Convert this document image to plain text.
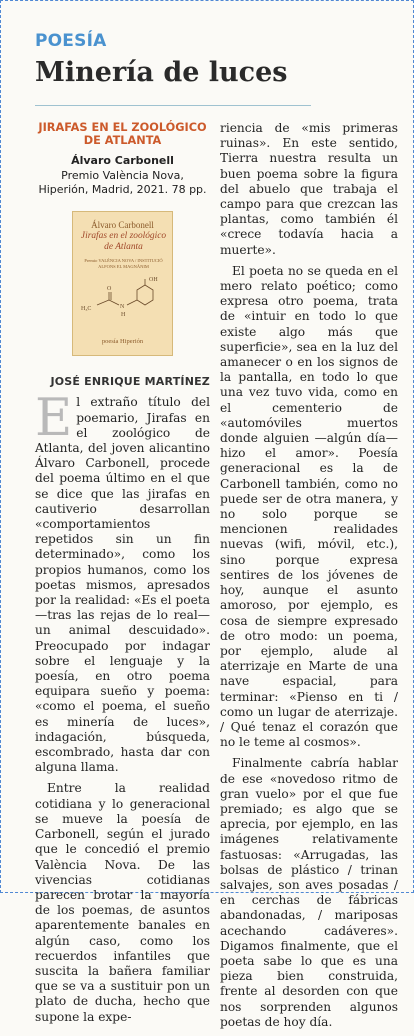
POESÍA
Minería de luces
JIRAFAS EN EL ZOOLÓGICO DE ATLANTA
Álvaro Carbonell
Premio València Nova, Hiperión, Madrid, 2021. 78 pp.
Álvaro Carbonell
Jirafas en el zoológico de Atlanta
Premio VALÈNCIA NOVA / INSTITUCIÓ ALFONS EL MAGNÀNIM
OH
O
H₃C	N
H
poesía Hiperión
JOSÉ ENRIQUE MARTÍNEZ

El extraño título del poemario, Jirafas en el zoológico de Atlanta, del joven alicantino Álvaro Carbonell, procede del poema último en el que se dice que las jirafas en cautiverio desarrollan «comportamientos repetidos sin un fin determinado», como los propios humanos, como los poetas mismos, apresados por la realidad: «Es el poeta —tras las rejas de lo real— un animal descuidado». Preocupado por indagar sobre el lenguaje y la poesía, en otro poema equipara sueño y poema: «como el poema, el sueño es minería de luces», indagación, búsqueda, escombrado, hasta dar con alguna llama.

Entre la realidad cotidiana y lo generacional se mueve la poesía de Carbonell, según el jurado que le concedió el premio València Nova. De las vivencias cotidianas parecen brotar la mayoría de los poemas, de asuntos aparentemente banales en algún caso, como los recuerdos infantiles que suscita la bañera familiar que se va a sustituir pon un plato de ducha, hecho que supone la expe-

riencia de «mis primeras ruinas». En este sentido, Tierra nuestra resulta un buen poema sobre la figura del abuelo que trabaja el campo para que crezcan las plantas, como también él «crece todavía hacia a muerte».

El poeta no se queda en el mero relato poético; como expresa otro poema, trata de «intuir en todo lo que existe algo más que superficie», sea en la luz del amanecer o en los signos de la pantalla, en todo lo que una vez tuvo vida, como en el cementerio de «automóviles muertos donde alguien —algún día— hizo el amor». Poesía generacional es la de Carbonell también, como no puede ser de otra manera, y no solo porque se mencionen realidades nuevas (wifi, móvil, etc.), sino porque expresa sentires de los jóvenes de hoy, aunque el asunto amoroso, por ejemplo, es cosa de siempre expresado de otro modo: un poema, por ejemplo, alude al aterrizaje en Marte de una nave espacial, para terminar: «Pienso en ti / como un lugar de aterrizaje. / Qué tenaz el corazón que no le teme al cosmos».

Finalmente cabría hablar de ese «novedoso ritmo de gran vuelo» por el que fue premiado; es algo que se aprecia, por ejemplo, en las imágenes relativamente fastuosas: «Arrugadas, las bolsas de plástico / trinan salvajes, son aves posadas / en cerchas de fábricas abandonadas, / mariposas acechando cadáveres». Digamos finalmente, que el poeta sabe lo que es una pieza bien construida, frente al desorden con que nos sorprenden algunos poetas de hoy día.
